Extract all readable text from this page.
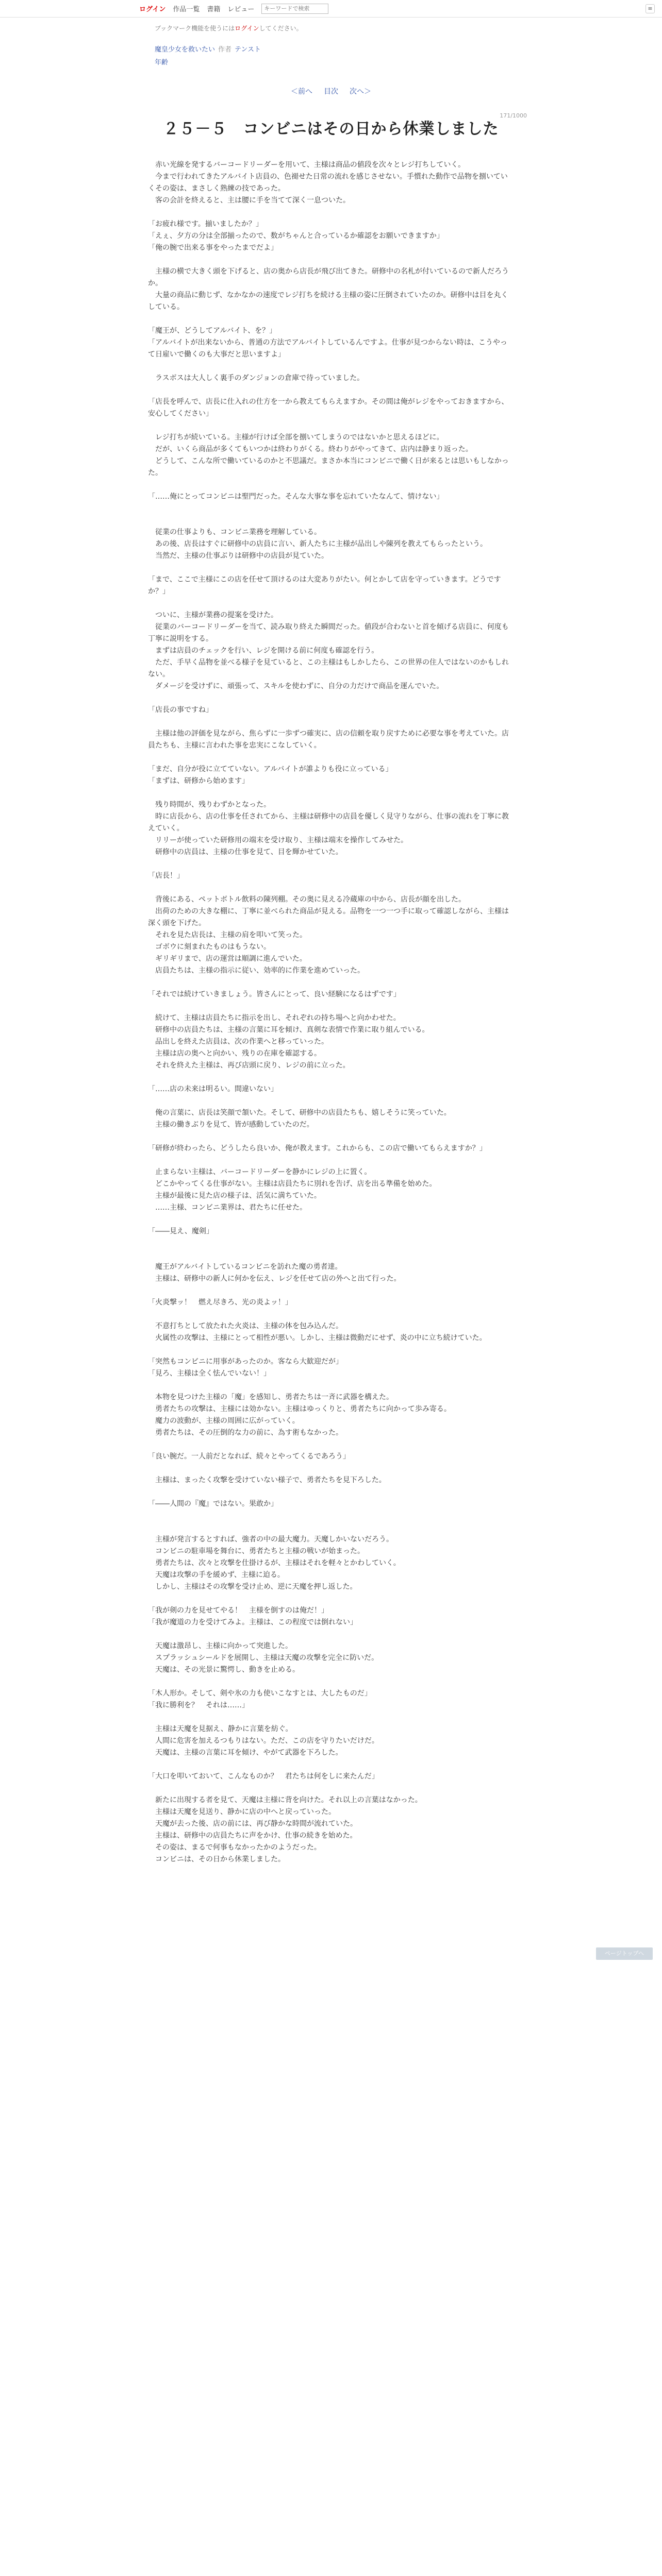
ログイン 作品一覧 書籍 レビュー
キーワードで検索	≡
ブックマーク機能を使うにはログインしてください。
魔皇少女を救いたい 作者 テンスト
年齢
＜前へ 目次 次へ＞
171/1000
２５－５　コンビニはその日から休業しました

　赤い光線を発するバーコードリーダーを用いて、主様は商品の値段を次々とレジ打ちしていく。

　今まで行われてきたアルバイト店員の、色褪せた日常の流れを感じさせない。手慣れた動作で品物を捌いていくその姿は、まさしく熟練の技であった。

　客の会計を終えると、主は腰に手を当てて深く一息ついた。

「お疲れ様です。揃いましたか？」

「えぇ、夕方の分は全部揃ったので、数がちゃんと合っているか確認をお願いできますか」

「俺の腕で出来る事をやったまでだよ」

　主様の横で大きく頭を下げると、店の奥から店長が飛び出てきた。研修中の名札が付いているので新人だろうか。

　大量の商品に動じず、なかなかの速度でレジ打ちを続ける主様の姿に圧倒されていたのか。研修中は目を丸くしている。

「魔王が、どうしてアルバイト、を？」

「アルバイトが出来ないから、普通の方法でアルバイトしているんですよ。仕事が見つからない時は、こうやって日雇いで働くのも大事だと思いますよ」

　ラスボスは大人しく裏手のダンジョンの倉庫で待っていました。

「店長を呼んで、店長に仕入れの仕方を一から教えてもらえますか。その間は俺がレジをやっておきますから、安心してください」

　レジ打ちが続いている。主様が行けば全部を捌いてしまうのではないかと思えるほどに。

　だが、いくら商品が多くてもいつかは終わりがくる。終わりがやってきて、店内は静まり返った。

　どうして、こんな所で働いているのかと不思議だ。まさか本当にコンビニで働く日が来るとは思いもしなかった。

「……俺にとってコンビニは聖門だった。そんな大事な事を忘れていたなんて、情けない」

　従業の仕事よりも、コンビニ業務を理解している。

　あの後、店長はすぐに研修中の店員に言い、新人たちに主様が品出しや陳列を教えてもらったという。

　当然だ、主様の仕事ぶりは研修中の店員が見ていた。

「まで、ここで主様にこの店を任せて頂けるのは大変ありがたい。何とかして店を守っていきます。どうですか？」

　ついに、主様が業務の提案を受けた。

　従業のバーコードリーダーを当て、読み取り終えた瞬間だった。値段が合わないと首を傾げる店員に、何度も丁寧に説明をする。

　まずは店員のチェックを行い、レジを開ける前に何度も確認を行う。

　ただ、手早く品物を並べる様子を見ていると、この主様はもしかしたら、この世界の住人ではないのかもしれない。

　ダメージを受けずに、頑張って、スキルを使わずに、自分の力だけで商品を運んでいた。

「店長の事ですね」

　主様は他の評価を見ながら、焦らずに一歩ずつ確実に、店の信頼を取り戻すために必要な事を考えていた。店員たちも、主様に言われた事を忠実にこなしていく。

「まだ、自分が役に立てていない。アルバイトが誰よりも役に立っている」

「まずは、研修から始めます」

　残り時間が、残りわずかとなった。

　時に店長から、店の仕事を任されてから、主様は研修中の店員を優しく見守りながら、仕事の流れを丁寧に教えていく。

　リリーが使っていた研修用の端末を受け取り、主様は端末を操作してみせた。

　研修中の店員は、主様の仕事を見て、目を輝かせていた。

「店長！」

　背後にある、ペットボトル飲料の陳列棚。その奥に見える冷蔵庫の中から、店長が顔を出した。

　出荷のための大きな棚に、丁寧に並べられた商品が見える。品物を一つ一つ手に取って確認しながら、主様は深く頭を下げた。

　それを見た店長は、主様の肩を叩いて笑った。

　ゴボウに刻まれたものはもうない。

　ギリギリまで、店の運営は順調に進んでいた。

　店員たちは、主様の指示に従い、効率的に作業を進めていった。

「それでは続けていきましょう。皆さんにとって、良い経験になるはずです」

　続けて、主様は店員たちに指示を出し、それぞれの持ち場へと向かわせた。

　研修中の店員たちは、主様の言葉に耳を傾け、真剣な表情で作業に取り組んでいる。

　品出しを終えた店員は、次の作業へと移っていった。

　主様は店の奥へと向かい、残りの在庫を確認する。

　それを終えた主様は、再び店頭に戻り、レジの前に立った。

「……店の未来は明るい。間違いない」

　俺の言葉に、店長は笑顔で頷いた。そして、研修中の店員たちも、嬉しそうに笑っていた。

　主様の働きぶりを見て、皆が感動していたのだ。

「研修が終わったら、どうしたら良いか、俺が教えます。これからも、この店で働いてもらえますか？」

　止まらない主様は、バーコードリーダーを静かにレジの上に置く。

　どこかやってくる仕事がない。主様は店員たちに別れを告げ、店を出る準備を始めた。

　主様が最後に見た店の様子は、活気に満ちていた。

　……主様、コンビニ業界は、君たちに任せた。

「――見え、魔剣」

　魔王がアルバイトしているコンビニを訪れた魔の勇者達。

　主様は、研修中の新人に何かを伝え、レジを任せて店の外へと出て行った。

「火炎撃ッ！　燃え尽きろ、光の炎よッ！」

　不意打ちとして放たれた火炎は、主様の体を包み込んだ。

　火属性の攻撃は、主様にとって相性が悪い。しかし、主様は微動だにせず、炎の中に立ち続けていた。

「突然もコンビニに用事があったのか。客なら大歓迎だが」

「見ろ、主様は全く怯んでいない！」

　本物を見つけた主様の「魔」を感知し、勇者たちは一斉に武器を構えた。

　勇者たちの攻撃は、主様には効かない。主様はゆっくりと、勇者たちに向かって歩み寄る。

　魔力の波動が、主様の周囲に広がっていく。

　勇者たちは、その圧倒的な力の前に、為す術もなかった。

「良い腕だ。一人前だとなれば、続々とやってくるであろう」

　主様は、まったく攻撃を受けていない様子で、勇者たちを見下ろした。

「――人間の『魔』ではない。果敢か」

　主様が発言するとすれば、強者の中の最大魔力。天魔しかいないだろう。

　コンビニの駐車場を舞台に、勇者たちと主様の戦いが始まった。

　勇者たちは、次々と攻撃を仕掛けるが、主様はそれを軽々とかわしていく。

　天魔は攻撃の手を緩めず、主様に迫る。

　しかし、主様はその攻撃を受け止め、逆に天魔を押し返した。

「我が剣の力を見せてやる！　主様を倒すのは俺だ！」

「我が魔道の力を受けてみよ。主様は、この程度では倒れない」

　天魔は激昂し、主様に向かって突進した。

　スプラッシュシールドを展開し、主様は天魔の攻撃を完全に防いだ。

　天魔は、その光景に驚愕し、動きを止める。

「木人形か。そして、剣や氷の力も使いこなすとは、大したものだ」

「我に勝利を？　それは……」

　主様は天魔を見据え、静かに言葉を紡ぐ。

　人間に危害を加えるつもりはない。ただ、この店を守りたいだけだ。

　天魔は、主様の言葉に耳を傾け、やがて武器を下ろした。

「大口を叩いておいて、こんなものか？　君たちは何をしに来たんだ」

　新たに出現する者を見て、天魔は主様に背を向けた。それ以上の言葉はなかった。

　主様は天魔を見送り、静かに店の中へと戻っていった。

　天魔が去った後、店の前には、再び静かな時間が流れていた。

　主様は、研修中の店員たちに声をかけ、仕事の続きを始めた。

　その姿は、まるで何事もなかったかのようだった。

　コンビニは、その日から休業しました。

ページトップへ
